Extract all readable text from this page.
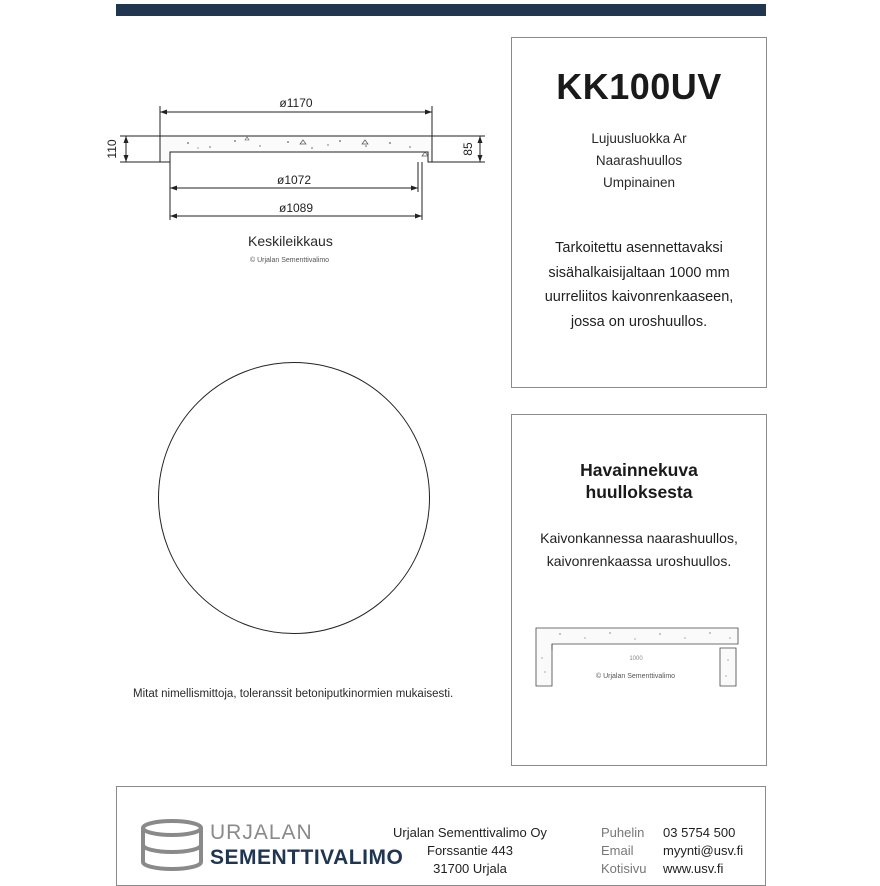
ø1170
ø1072
ø1089
110	85
Keskileikkaus
© Urjalan Sementtivalimo
Mitat nimellismittoja, toleranssit betoniputkinormien mukaisesti.
KK100UV
Lujuusluokka Ar
Naarashuullos
Umpinainen
Tarkoitettu asennettavaksi
sisähalkaisijaltaan 1000 mm
uurreliitos kaivonrenkaaseen,
jossa on uroshuullos.
Havainnekuva
huulloksesta
Kaivonkannessa naarashuullos,
kaivonrenkaassa uroshuullos.
1000
© Urjalan Sementtivalimo
URJALAN
SEMENTTIVALIMO
Urjalan Sementtivalimo Oy
Forssantie 443
31700 Urjala
Puhelin
Email
Kotisivu
03 5754 500
myynti@usv.fi
www.usv.fi
